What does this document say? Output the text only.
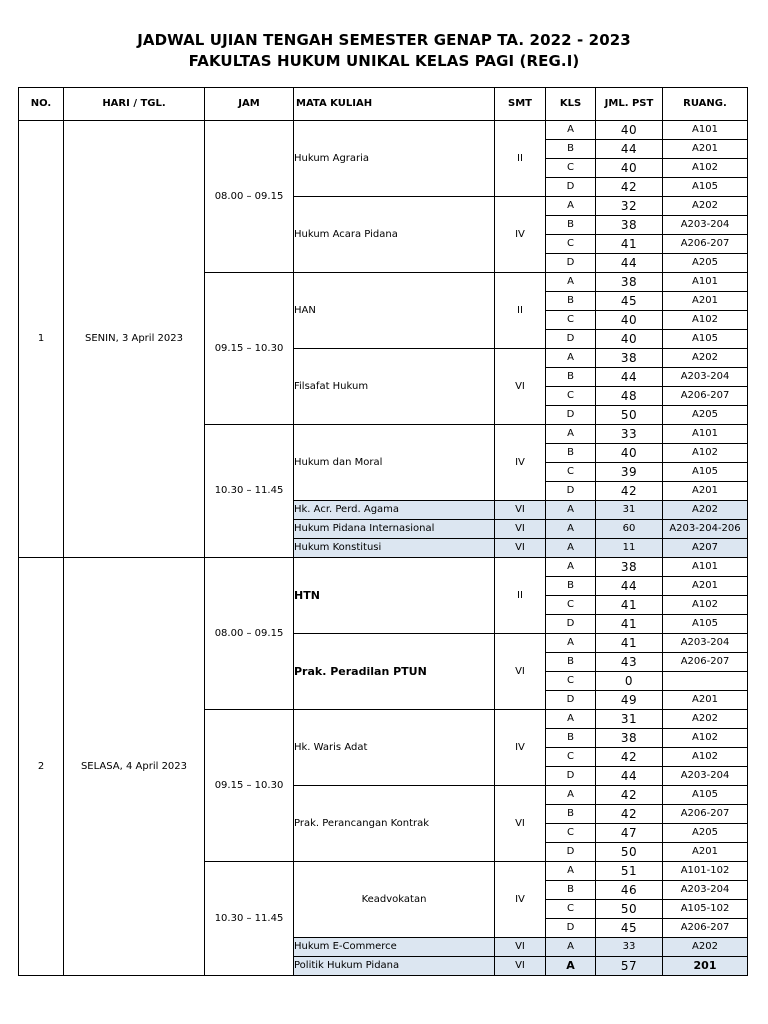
JADWAL UJIAN TENGAH SEMESTER GENAP TA. 2022 - 2023
FAKULTAS HUKUM UNIKAL KELAS PAGI (REG.I)
NO.	HARI / TGL.	JAM	MATA KULIAH	SMT	KLS	JML. PST	RUANG.
1	SENIN, 3 April 2023	08.00 – 09.15	Hukum Agraria	II	A	40	A101
					B	44	A201
					C	40	A102
					D	42	A105
			Hukum Acara Pidana	IV	A	32	A202
					B	38	A203-204
					C	41	A206-207
					D	44	A205
		09.15 – 10.30	HAN	II	A	38	A101
					B	45	A201
					C	40	A102
					D	40	A105
			Filsafat Hukum	VI	A	38	A202
					B	44	A203-204
					C	48	A206-207
					D	50	A205
		10.30 – 11.45	Hukum dan Moral	IV	A	33	A101
					B	40	A102
					C	39	A105
					D	42	A201
			Hk. Acr. Perd. Agama	VI	A	31	A202
			Hukum Pidana Internasional	VI	A	60	A203-204-206
			Hukum Konstitusi	VI	A	11	A207
2	SELASA, 4 April 2023	08.00 – 09.15	HTN	II	A	38	A101
					B	44	A201
					C	41	A102
					D	41	A105
			Prak. Peradilan PTUN	VI	A	41	A203-204
					B	43	A206-207
					C	0	
					D	49	A201
		09.15 – 10.30	Hk. Waris Adat	IV	A	31	A202
					B	38	A102
					C	42	A102
					D	44	A203-204
			Prak. Perancangan Kontrak	VI	A	42	A105
					B	42	A206-207
					C	47	A205
					D	50	A201
		10.30 – 11.45	Keadvokatan	IV	A	51	A101-102
					B	46	A203-204
					C	50	A105-102
					D	45	A206-207
			Hukum E-Commerce	VI	A	33	A202
			Politik Hukum Pidana	VI	A	57	201
